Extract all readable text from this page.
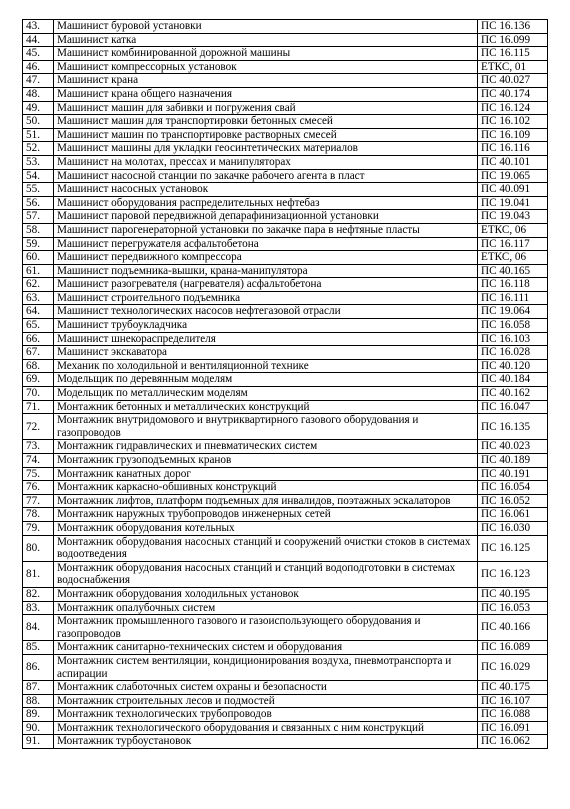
43.	Машинист буровой установки	ПС 16.136
44.	Машинист катка	ПС 16.099
45.	Машинист комбинированной дорожной машины	ПС 16.115
46.	Машинист компрессорных установок	ЕТКС, 01
47.	Машинист крана	ПС 40.027
48.	Машинист крана общего назначения	ПС 40.174
49.	Машинист машин для забивки и погружения свай	ПС 16.124
50.	Машинист машин для транспортировки бетонных смесей	ПС 16.102
51.	Машинист машин по транспортировке растворных смесей	ПС 16.109
52.	Машинист машины для укладки геосинтетических материалов	ПС 16.116
53.	Машинист на молотах, прессах и манипуляторах	ПС 40.101
54.	Машинист насосной станции по закачке рабочего агента в пласт	ПС 19.065
55.	Машинист насосных установок	ПС 40.091
56.	Машинист оборудования распределительных нефтебаз	ПС 19.041
57.	Машинист паровой передвижной депарафинизационной установки	ПС 19.043
58.	Машинист парогенераторной установки по закачке пара в нефтяные пласты	ЕТКС, 06
59.	Машинист перегружателя асфальтобетона	ПС 16.117
60.	Машинист передвижного компрессора	ЕТКС, 06
61.	Машинист подъемника-вышки, крана-манипулятора	ПС 40.165
62.	Машинист разогревателя (нагревателя) асфальтобетона	ПС 16.118
63.	Машинист строительного подъемника	ПС 16.111
64.	Машинист технологических насосов нефтегазовой отрасли	ПС 19.064
65.	Машинист трубоукладчика	ПС 16.058
66.	Машинист шнекораспределителя	ПС 16.103
67.	Машинист экскаватора	ПС 16.028
68.	Механик по холодильной и вентиляционной технике	ПС 40.120
69.	Модельщик по деревянным моделям	ПС 40.184
70.	Модельщик по металлическим моделям	ПС 40.162
71.	Монтажник бетонных и металлических конструкций	ПС 16.047
72.	Монтажник внутридомового и внутриквартирного газового оборудования и газопроводов	ПС 16.135
73.	Монтажник гидравлических и пневматических систем	ПС 40.023
74.	Монтажник грузоподъемных кранов	ПС 40.189
75.	Монтажник канатных дорог	ПС 40.191
76.	Монтажник каркасно-обшивных конструкций	ПС 16.054
77.	Монтажник лифтов, платформ подъемных для инвалидов, поэтажных эскалаторов	ПС 16.052
78.	Монтажник наружных трубопроводов инженерных сетей	ПС 16.061
79.	Монтажник оборудования котельных	ПС 16.030
80.	Монтажник оборудования насосных станций и сооружений очистки стоков в системах водоотведения	ПС 16.125
81.	Монтажник оборудования насосных станций и станций водоподготовки в системах водоснабжения	ПС 16.123
82.	Монтажник оборудования холодильных установок	ПС 40.195
83.	Монтажник опалубочных систем	ПС 16.053
84.	Монтажник промышленного газового и газоиспользующего оборудования и газопроводов	ПС 40.166
85.	Монтажник санитарно-технических систем и оборудования	ПС 16.089
86.	Монтажник систем вентиляции, кондиционирования воздуха, пневмотранспорта и аспирации	ПС 16.029
87.	Монтажник слаботочных систем охраны и безопасности	ПС 40.175
88.	Монтажник строительных лесов и подмостей	ПС 16.107
89.	Монтажник технологических трубопроводов	ПС 16.088
90.	Монтажник технологического оборудования и связанных с ним конструкций	ПС 16.091
91.	Монтажник турбоустановок	ПС 16.062
